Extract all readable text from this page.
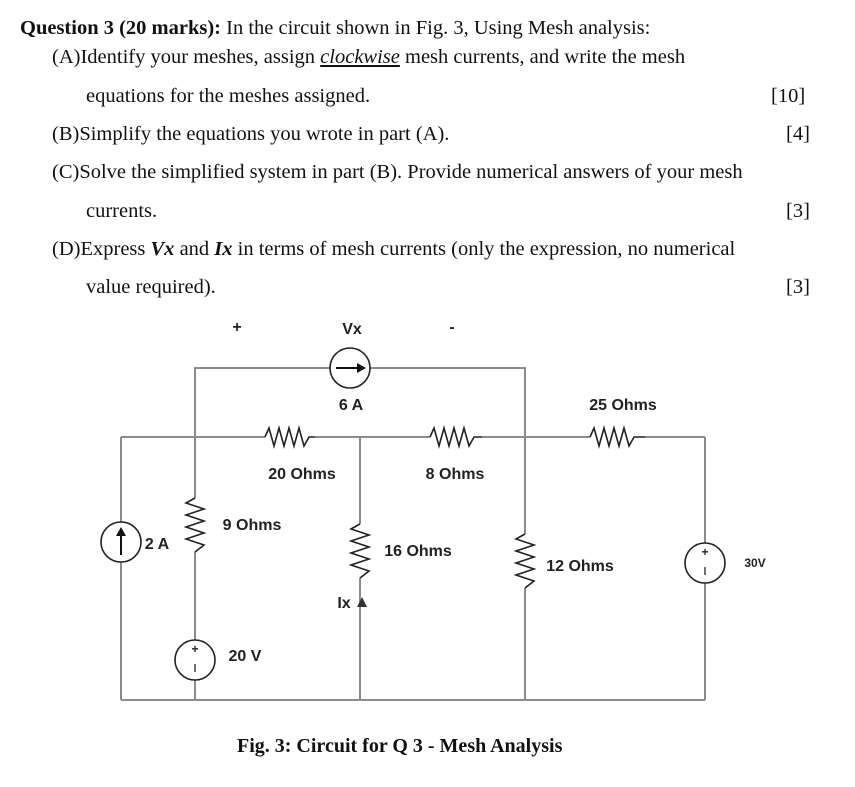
Question 3 (20 marks): In the circuit shown in Fig. 3, Using Mesh analysis:
(A)Identify your meshes, assign clockwise mesh currents, and write the mesh
equations for the meshes assigned.	[10]
(B)Simplify the equations you wrote in part (A).	[4]
(C)Solve the simplified system in part (B). Provide numerical answers of your mesh
currents.	[3]
(D)Express Vx and Ix in terms of mesh currents (only the expression, no numerical
value required).	[3]
+
+
+	Vx	-
6 A	25 Ohms
20 Ohms	8 Ohms
9 Ohms
16 Ohms
12 Ohms
2 A
20 V
30V
Ix
Fig. 3: Circuit for Q 3 - Mesh Analysis
